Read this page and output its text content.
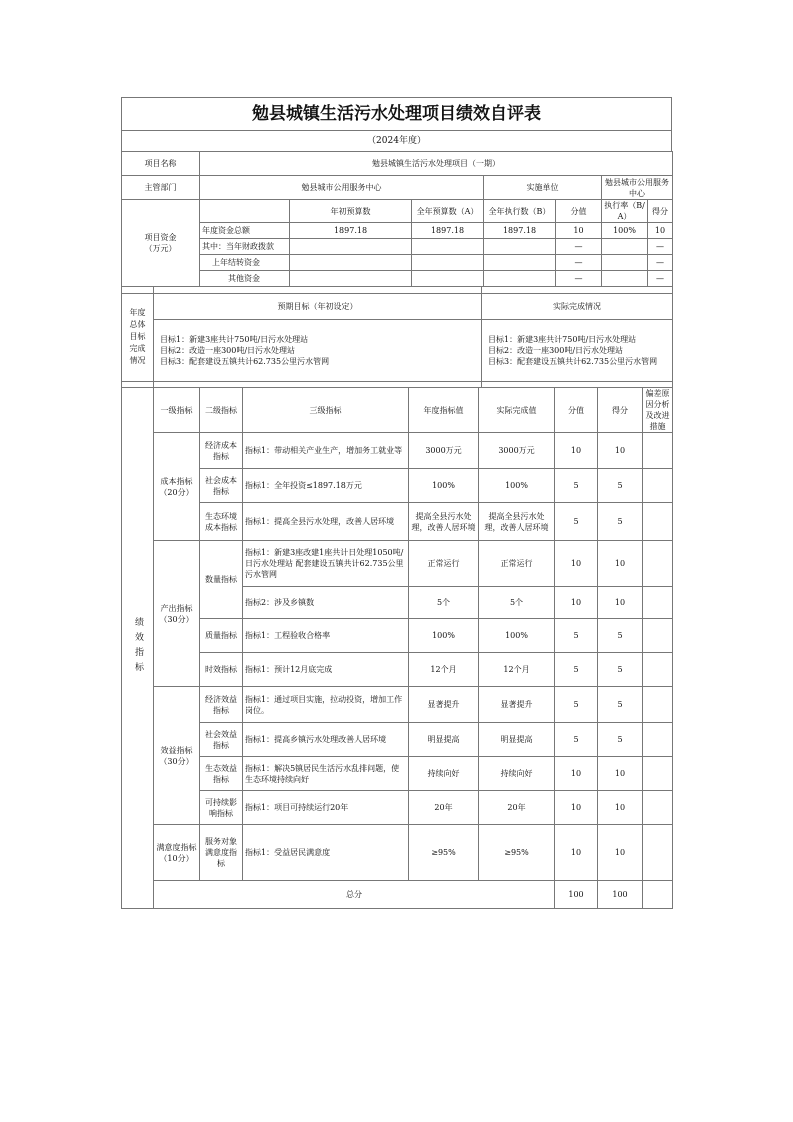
勉县城镇生活污水处理项目绩效自评表
（2024年度）
项目名称	勉县城镇生活污水处理项目（一期）						
主管部门	勉县城市公用服务中心			实施单位		勉县城市公用服务中心	

项目资金
（万元）		年初预算数	全年预算数（A）	全年执行数（B）	分值	执行率（B/A）	得分
	年度资金总额	1897.18	1897.18	1897.18	10	100%	10
	其中：当年财政拨款				—		—
	上年结转资金				—		—
	其他资金				—		—

年度总体目标完成情况	预期目标（年初设定）	实际完成情况

	目标1：新建3座共计750吨/日污水处理站
目标2：改造一座300吨/日污水处理站
目标3：配套建设五镇共计62.735公里污水管网	目标1：新建3座共计750吨/日污水处理站
目标2：改造一座300吨/日污水处理站
目标3：配套建设五镇共计62.735公里污水管网

绩效指标	一级指标	二级指标	三级指标	年度指标值	实际完成值	分值	得分	偏差原因分析及改进措施
	成本指标（20分）	经济成本指标	指标1：带动相关产业生产，增加务工就业等	3000万元	3000万元	10	10	
		社会成本指标	指标1：全年投资≤1897.18万元	100%	100%	5	5	
		生态环境成本指标	指标1：提高全县污水处理，改善人居环境	提高全县污水处理，改善人居环境	提高全县污水处理，改善人居环境	5	5	
	产出指标（30分）	数量指标	指标1：新建3座改建1座共计日处理1050吨/日污水处理站 配套建设五镇共计62.735公里污水管网	正常运行	正常运行	10	10	
			指标2：涉及乡镇数	5个	5个	10	10	
		质量指标	指标1：工程验收合格率	100%	100%	5	5	
		时效指标	指标1：预计12月底完成	12个月	12个月	5	5	
	效益指标（30分）	经济效益指标	指标1：通过项目实施，拉动投资，增加工作岗位。	显著提升	显著提升	5	5	
		社会效益指标	指标1：提高乡镇污水处理改善人居环境	明显提高	明显提高	5	5	
		生态效益指标	指标1：解决5镇居民生活污水乱排问题，使生态环境持续向好	持续向好	持续向好	10	10	
		可持续影响指标	指标1：项目可持续运行20年	20年	20年	10	10	
	满意度指标（10分）	服务对象满意度指标	指标1：受益居民满意度	≥95%	≥95%	10	10	
	总分					100	100	
